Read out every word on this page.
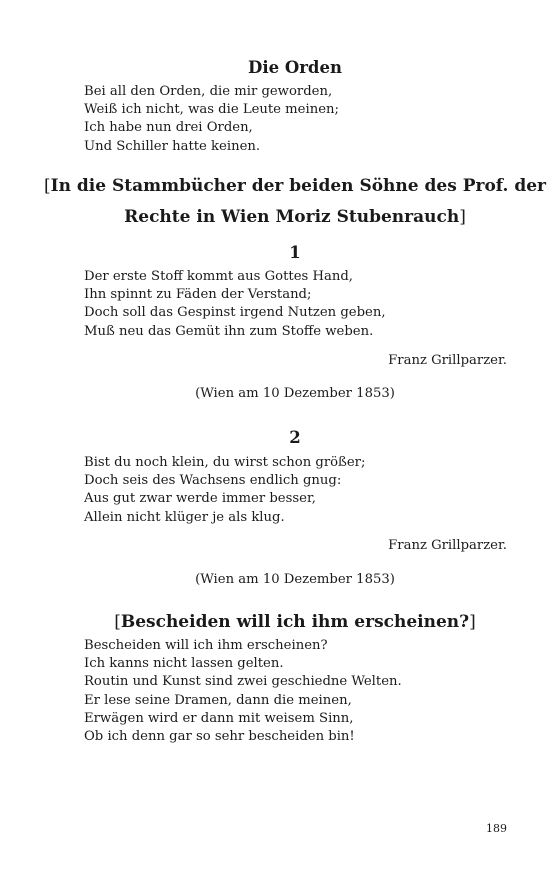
Die Orden
Bei all den Orden, die mir geworden,
Weiß ich nicht, was die Leute meinen;
Ich habe nun drei Orden,
Und Schiller hatte keinen.
[In die Stammbücher der beiden Söhne des Prof. der
Rechte in Wien Moriz Stubenrauch]
1
Der erste Stoff kommt aus Gottes Hand,
Ihn spinnt zu Fäden der Verstand;
Doch soll das Gespinst irgend Nutzen geben,
Muß neu das Gemüt ihn zum Stoffe weben.

Franz Grillparzer.

(Wien am 10 Dezember 1853)

2
Bist du noch klein, du wirst schon größer;
Doch seis des Wachsens endlich gnug:
Aus gut zwar werde immer besser,
Allein nicht klüger je als klug.

Franz Grillparzer.

(Wien am 10 Dezember 1853)

[Bescheiden will ich ihm erscheinen?]
Bescheiden will ich ihm erscheinen?
Ich kanns nicht lassen gelten.
Routin und Kunst sind zwei geschiedne Welten.
Er lese seine Dramen, dann die meinen,
Erwägen wird er dann mit weisem Sinn,
Ob ich denn gar so sehr bescheiden bin!
189
